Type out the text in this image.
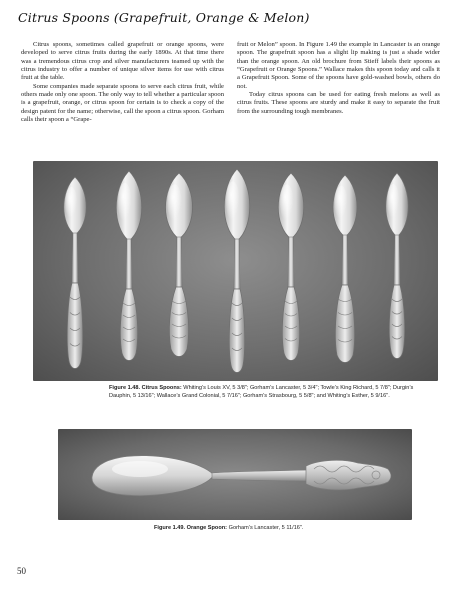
Citrus Spoons (Grapefruit, Orange & Melon)

Citrus spoons, sometimes called grapefruit or orange spoons, were developed to serve citrus fruits during the early 1890s. At that time there was a tremendous citrus crop and silver manufacturers teamed up with the citrus industry to offer a number of unique silver items for use with citrus fruit at the table.

Some companies made separate spoons to serve each citrus fruit, while others made only one spoon. The only way to tell whether a particular spoon is a grapefruit, orange, or citrus spoon for certain is to check a copy of the design patent for the name; otherwise, call the spoon a citrus spoon. Gorham calls their spoon a “Grape-

fruit or Melon” spoon. In Figure 1.49 the example in Lancaster is an orange spoon. The grapefruit spoon has a slight lip making is just a shade wider than the orange spoon. An old brochure from Stieff labels their spoons as “Grapefruit or Orange Spoons.” Wallace makes this spoon today and calls it a Grapefruit Spoon. Some of the spoons have gold-washed bowls, others do not.

Today citrus spoons can be used for eating fresh melons as well as citrus fruits. These spoons are sturdy and make it easy to separate the fruit from the surrounding tough membranes.

Figure 1.48. Citrus Spoons: Whiting’s Louis XV, 5 3/8"; Gorham’s Lancaster, 5 3/4"; Towle’s King Richard, 5 7/8"; Durgin’s Dauphin, 5 13/16"; Wallace’s Grand Colonial, 5 7/16"; Gorham’s Strasbourg, 5 5/8"; and Whiting’s Esther, 5 9/16".
Figure 1.49. Orange Spoon: Gorham’s Lancaster, 5 11/16".
50
